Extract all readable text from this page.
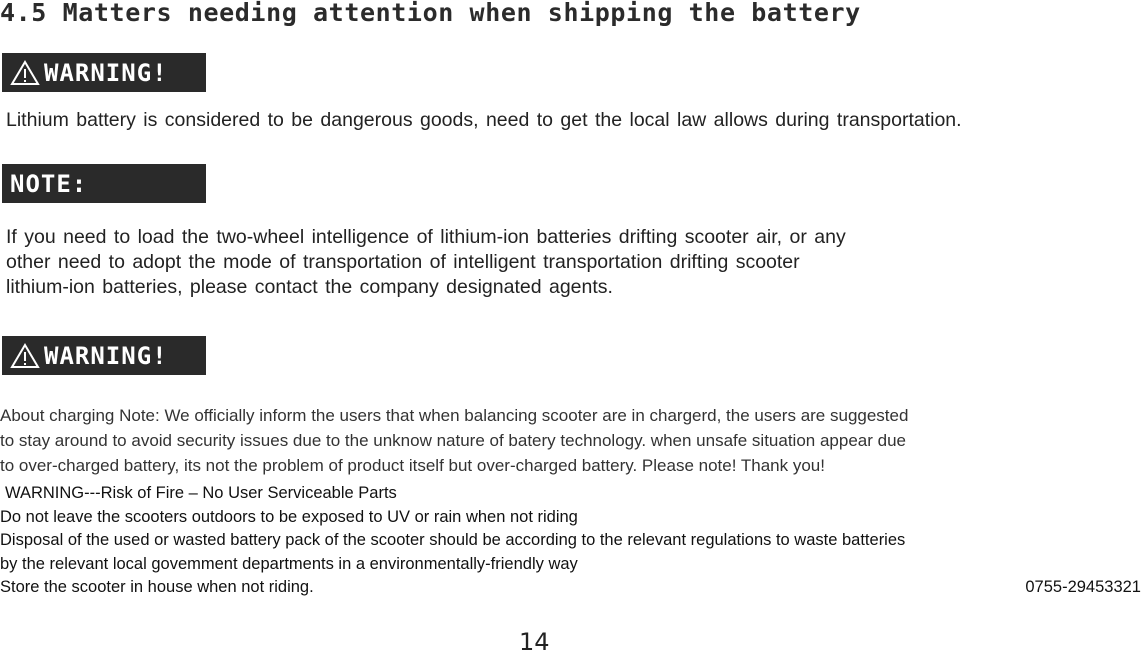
4.5 Matters needing attention when shipping the battery
WARNING!

Lithium battery is considered to be dangerous goods, need to get the local law allows during transportation.

NOTE:
If you need to load the two-wheel intelligence of lithium-ion batteries drifting scooter air, or any
other need to adopt the mode of transportation of intelligent transportation drifting scooter
lithium-ion batteries, please contact the company designated agents.
WARNING!
About charging Note: We officially inform the users that when balancing scooter are in chargerd, the users are suggested
to stay around to avoid security issues due to the unknow nature of batery technology. when unsafe situation appear due
to over-charged battery, its not the problem of product itself but over-charged battery. Please note! Thank you!
WARNING---Risk of Fire – No User Serviceable Parts
Do not leave the scooters outdoors to be exposed to UV or rain when not riding
Disposal of the used or wasted battery pack of the scooter should be according to the relevant regulations to waste batteries
by the relevant local govemment departments in a environmentally-friendly way
Store the scooter in house when not riding.	0755-29453321
14
